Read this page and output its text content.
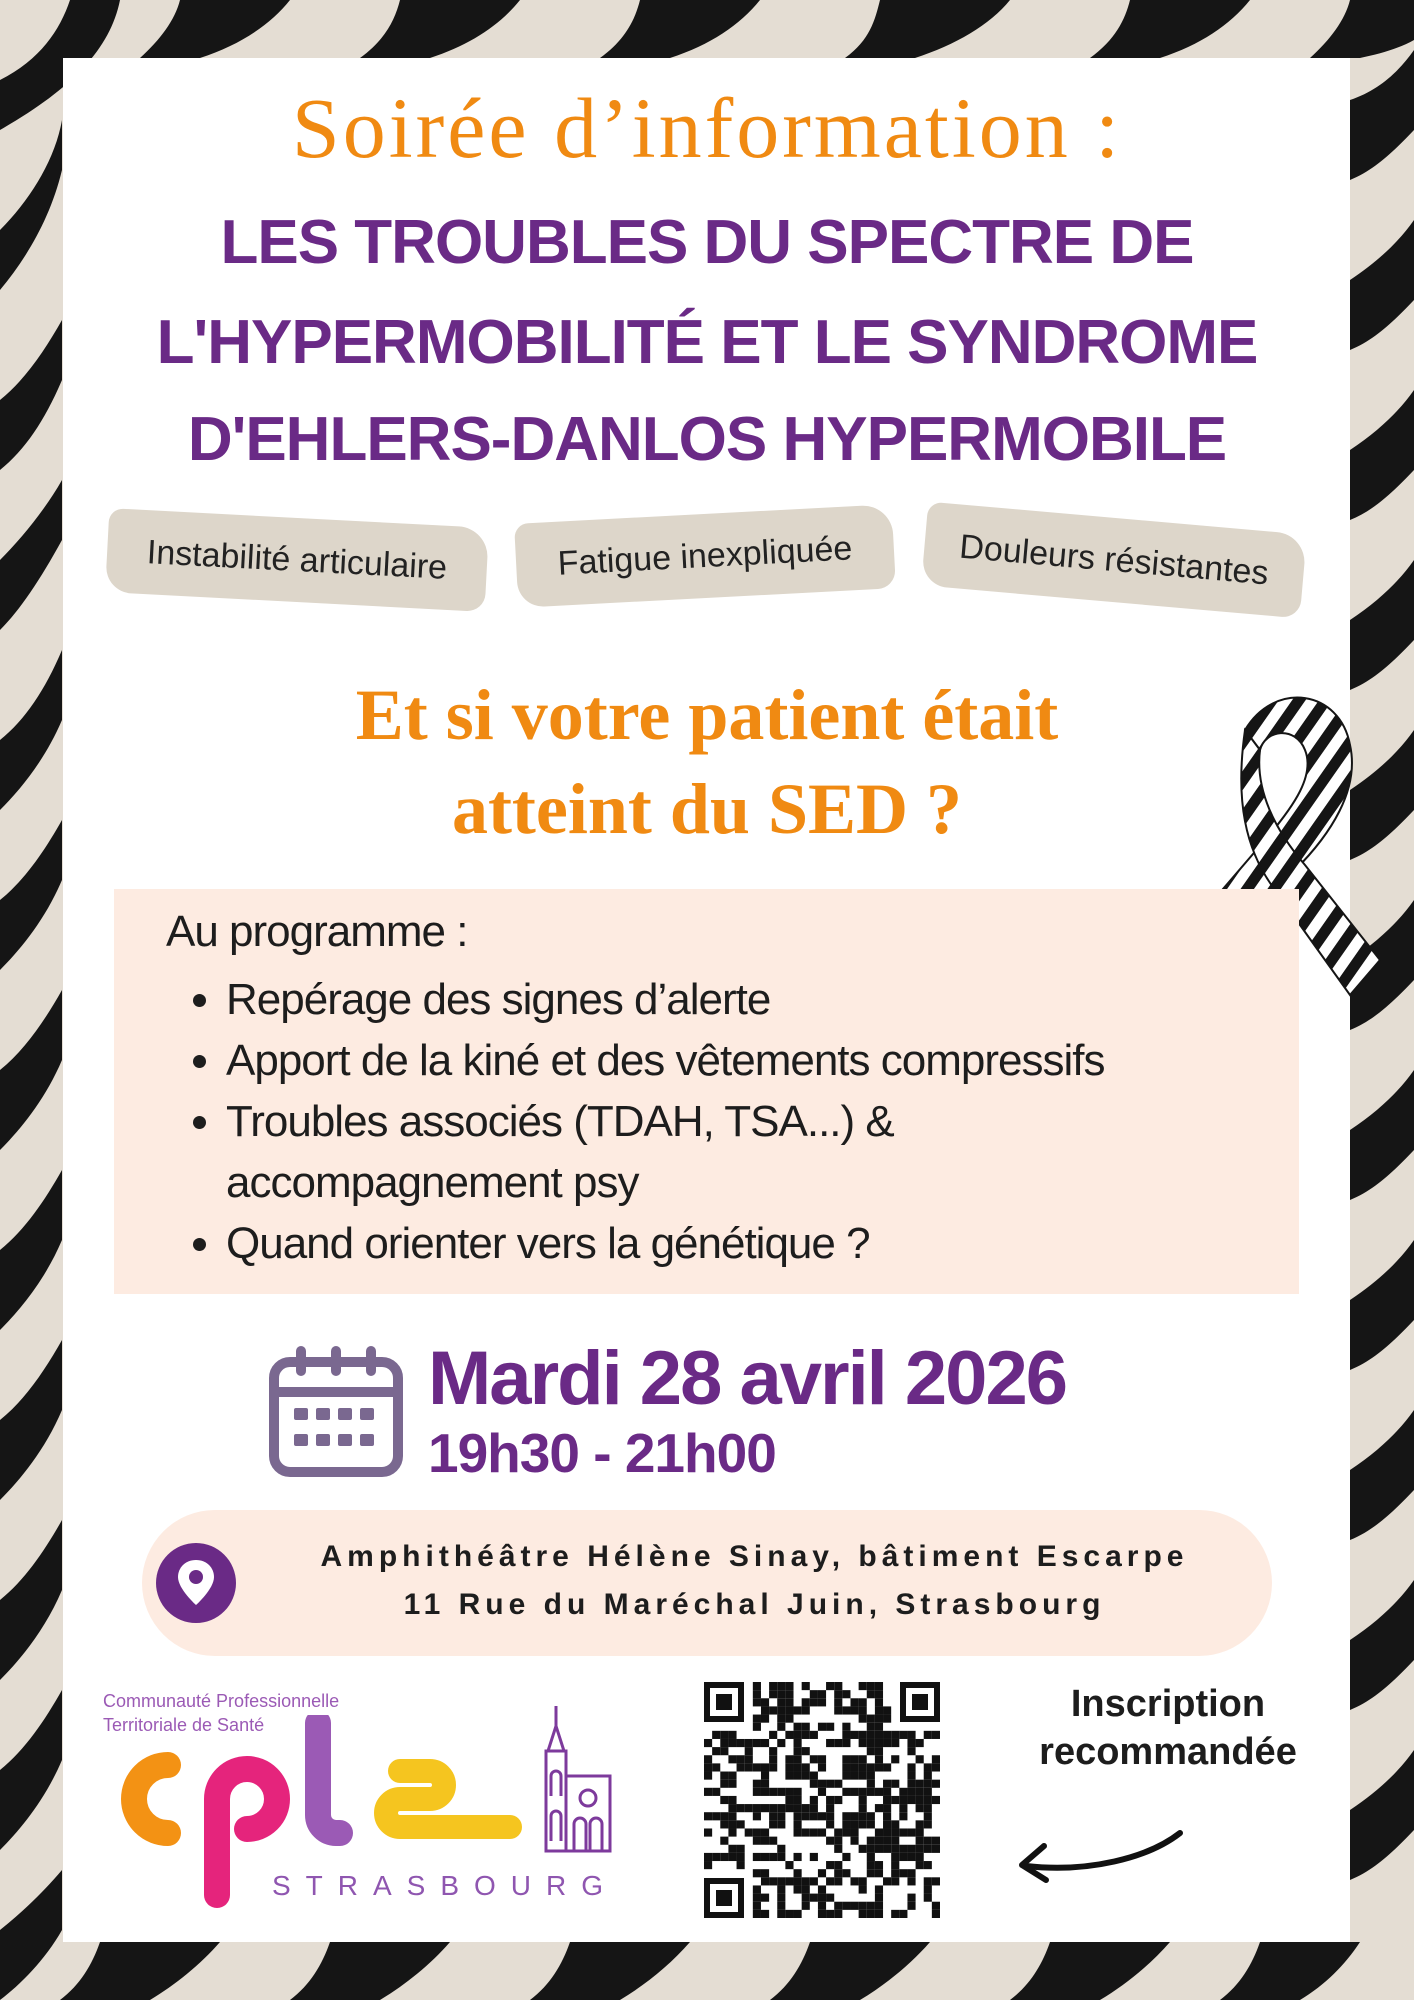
Soirée d’information :
LES TROUBLES DU SPECTRE DE
L'HYPERMOBILITÉ ET LE SYNDROME
D'EHLERS-DANLOS HYPERMOBILE
Instabilité articulaire	Fatigue inexpliquée	Douleurs résistantes
Et si votre patient était
atteint du SED ?
Au programme :
• Repérage des signes d’alerte
• Apport de la kiné et des vêtements compressifs
• Troubles associés (TDAH, TSA...) & accompagnement psy
• Quand orienter vers la génétique ?
Mardi 28 avril 2026
19h30 - 21h00
Amphithéâtre Hélène Sinay, bâtiment Escarpe
11 Rue du Maréchal Juin, Strasbourg
Communauté Professionnelle
Territoriale de Santé
STRASBOURG
Inscription
recommandée
